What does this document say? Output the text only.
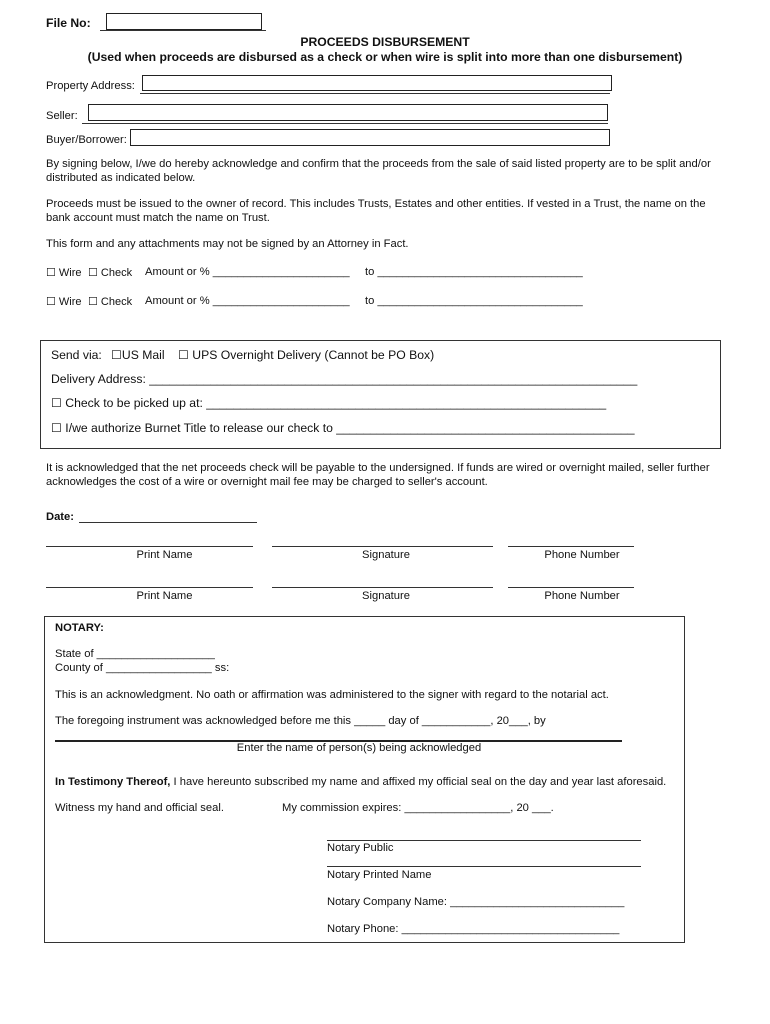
File No:
PROCEEDS DISBURSEMENT
(Used when proceeds are disbursed as a check or when wire is split into more than one disbursement)
Property Address:
Seller:
Buyer/Borrower:
By signing below, I/we do hereby acknowledge and confirm that the proceeds from the sale of said listed property are to be split and/or distributed as indicated below.
Proceeds must be issued to the owner of record. This includes Trusts, Estates and other entities. If vested in a Trust, the name on the bank account must match the name on Trust.
This form and any attachments may not be signed by an Attorney in Fact.
☐ Wire ☐ Check Amount or % ______________________ to _________________________________
☐ Wire ☐ Check Amount or % ______________________ to _________________________________
Send via: ☐US Mail ☐ UPS Overnight Delivery (Cannot be PO Box)
Delivery Address: ________________________________________________________________________
☐ Check to be picked up at: ___________________________________________________________
☐ I/we authorize Burnet Title to release our check to ____________________________________________
It is acknowledged that the net proceeds check will be payable to the undersigned. If funds are wired or overnight mailed, seller further acknowledges the cost of a wire or overnight mail fee may be charged to seller's account.
Date:
Print Name	Signature	Phone Number
Print Name	Signature	Phone Number
NOTARY:
State of ___________________
County of _________________ ss:
This is an acknowledgment. No oath or affirmation was administered to the signer with regard to the notarial act.
The foregoing instrument was acknowledged before me this _____ day of ___________, 20___, by
Enter the name of person(s) being acknowledged
In Testimony Thereof, I have hereunto subscribed my name and affixed my official seal on the day and year last aforesaid.
Witness my hand and official seal.	My commission expires: _________________, 20 ___.
Notary Public
Notary Printed Name
Notary Company Name: ____________________________
Notary Phone: ___________________________________
